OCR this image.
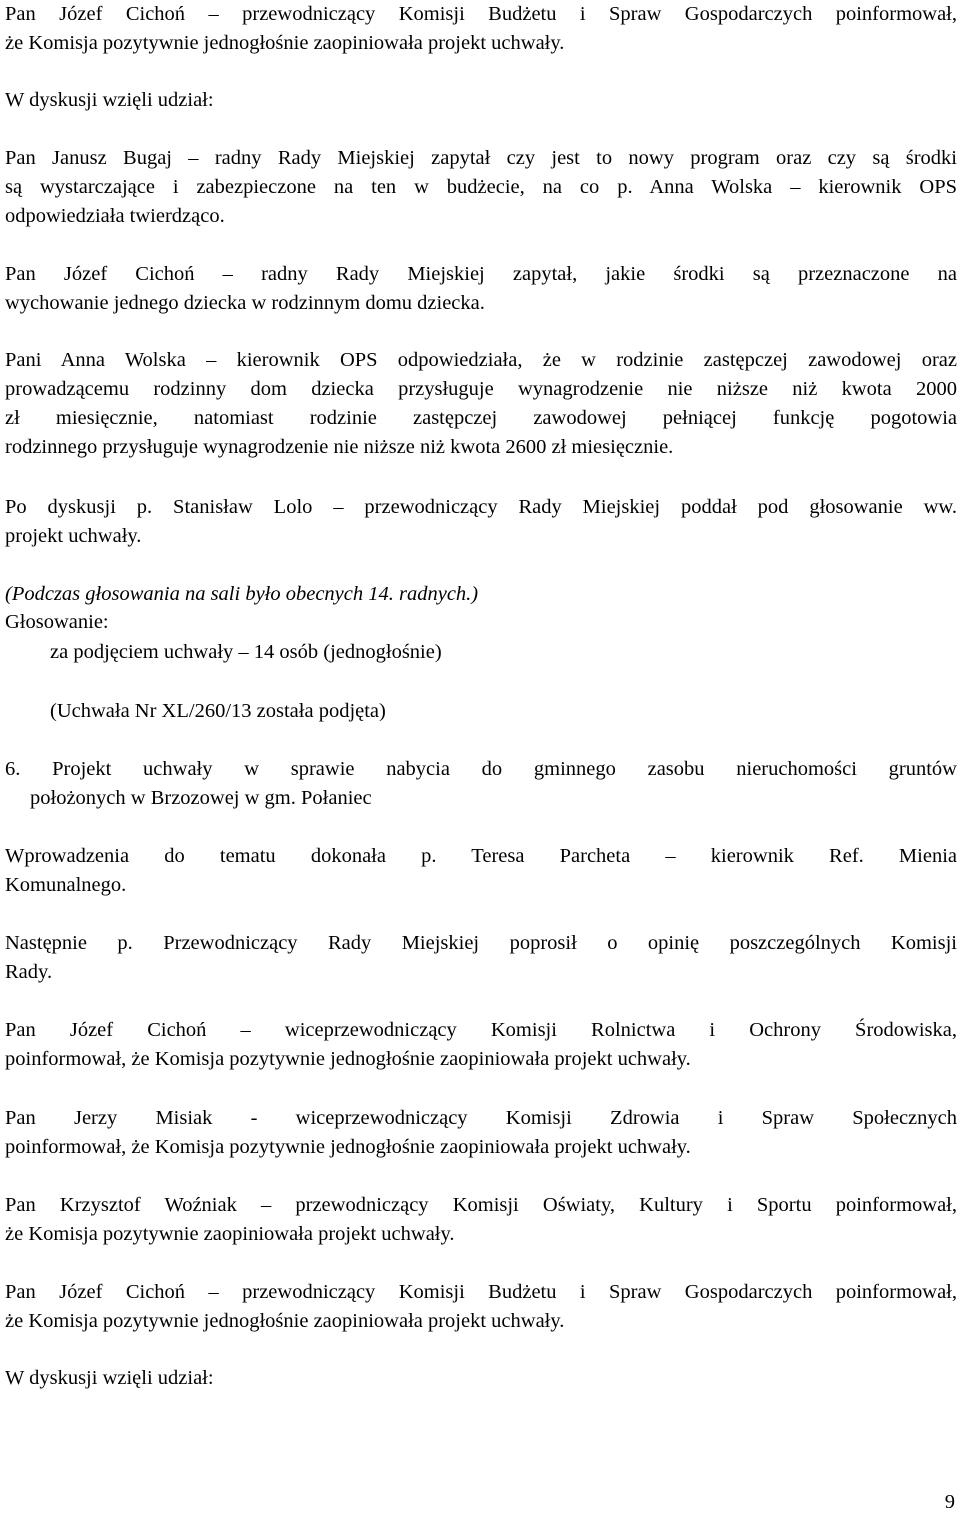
Pan Józef Cichoń – przewodniczący Komisji Budżetu i Spraw Gospodarczych poinformował,
że Komisja pozytywnie jednogłośnie zaopiniowała projekt uchwały.

W dyskusji wzięli udział:

Pan Janusz Bugaj – radny Rady Miejskiej zapytał czy jest to nowy program oraz czy są środki
są wystarczające i zabezpieczone na ten w budżecie, na co p. Anna Wolska – kierownik OPS
odpowiedziała twierdząco.

Pan Józef Cichoń – radny Rady Miejskiej zapytał, jakie środki są przeznaczone na
wychowanie jednego dziecka w rodzinnym domu dziecka.

Pani Anna Wolska – kierownik OPS odpowiedziała, że w rodzinie zastępczej zawodowej oraz
prowadzącemu rodzinny dom dziecka przysługuje wynagrodzenie nie niższe niż kwota 2000
zł miesięcznie, natomiast rodzinie zastępczej zawodowej pełniącej funkcję pogotowia
rodzinnego przysługuje wynagrodzenie nie niższe niż kwota 2600 zł miesięcznie.

Po dyskusji p. Stanisław Lolo – przewodniczący Rady Miejskiej poddał pod głosowanie ww.
projekt uchwały.

(Podczas głosowania na sali było obecnych 14. radnych.)

Głosowanie:

za podjęciem uchwały – 14 osób (jednogłośnie)

(Uchwała Nr XL/260/13 została podjęta)

6. Projekt uchwały w sprawie nabycia do gminnego zasobu nieruchomości gruntów
położonych w Brzozowej w gm. Połaniec

Wprowadzenia do tematu dokonała p. Teresa Parcheta – kierownik Ref. Mienia
Komunalnego.

Następnie p. Przewodniczący Rady Miejskiej poprosił o opinię poszczególnych Komisji
Rady.

Pan Józef Cichoń – wiceprzewodniczący Komisji Rolnictwa i Ochrony Środowiska,
poinformował, że Komisja pozytywnie jednogłośnie zaopiniowała projekt uchwały.

Pan Jerzy Misiak - wiceprzewodniczący Komisji Zdrowia i Spraw Społecznych
poinformował, że Komisja pozytywnie jednogłośnie zaopiniowała projekt uchwały.

Pan Krzysztof Woźniak – przewodniczący Komisji Oświaty, Kultury i Sportu poinformował,
że Komisja pozytywnie zaopiniowała projekt uchwały.

Pan Józef Cichoń – przewodniczący Komisji Budżetu i Spraw Gospodarczych poinformował,
że Komisja pozytywnie jednogłośnie zaopiniowała projekt uchwały.

W dyskusji wzięli udział:

9
